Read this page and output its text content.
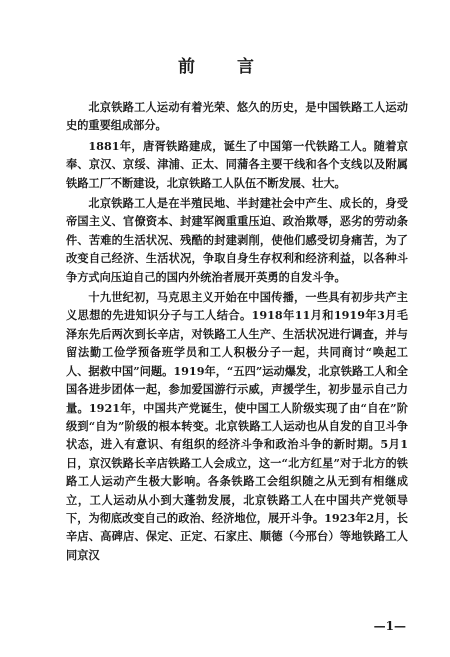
前 言

北京铁路工人运动有着光荣、悠久的历史，是中国铁路工人运动史的重要组成部分。

1881年，唐胥铁路建成，诞生了中国第一代铁路工人。随着京奉、京汉、京绥、津浦、正太、同蒲各主要干线和各个支线以及附属铁路工厂不断建设，北京铁路工人队伍不断发展、壮大。

北京铁路工人是在半殖民地、半封建社会中产生、成长的，身受帝国主义、官僚资本、封建军阀重重压迫、政治欺辱，恶劣的劳动条件、苦难的生活状况、残酷的封建剥削，使他们感受切身痛苦，为了改变自己经济、生活状况，争取自身生存权利和经济利益，以各种斗争方式向压迫自己的国内外统治者展开英勇的自发斗争。

十九世纪初，马克思主义开始在中国传播，一些具有初步共产主义思想的先进知识分子与工人结合。1918年11月和1919年3月毛泽东先后两次到长辛店，对铁路工人生产、生活状况进行调查，并与留法勤工俭学预备班学员和工人积极分子一起，共同商讨“唤起工人、据救中国”问题。1919年，“五四”运动爆发，北京铁路工人和全国各进步团体一起，参加爱国游行示威，声援学生，初步显示自己力量。1921年，中国共产党诞生，使中国工人阶级实现了由“自在”阶级到“自为”阶级的根本转变。北京铁路工人运动也从自发的自卫斗争状态，进入有意识、有组织的经济斗争和政治斗争的新时期。5月1日，京汉铁路长辛店铁路工人会成立，这一“北方红星”对于北方的铁路工人运动产生极大影响。各条铁路工会组织随之从无到有相继成立，工人运动从小到大蓬勃发展，北京铁路工人在中国共产党领导下，为彻底改变自己的政治、经济地位，展开斗争。1923年2月，长辛店、高碑店、保定、正定、石家庄、顺德（今邢台）等地铁路工人同京汉

—1—
